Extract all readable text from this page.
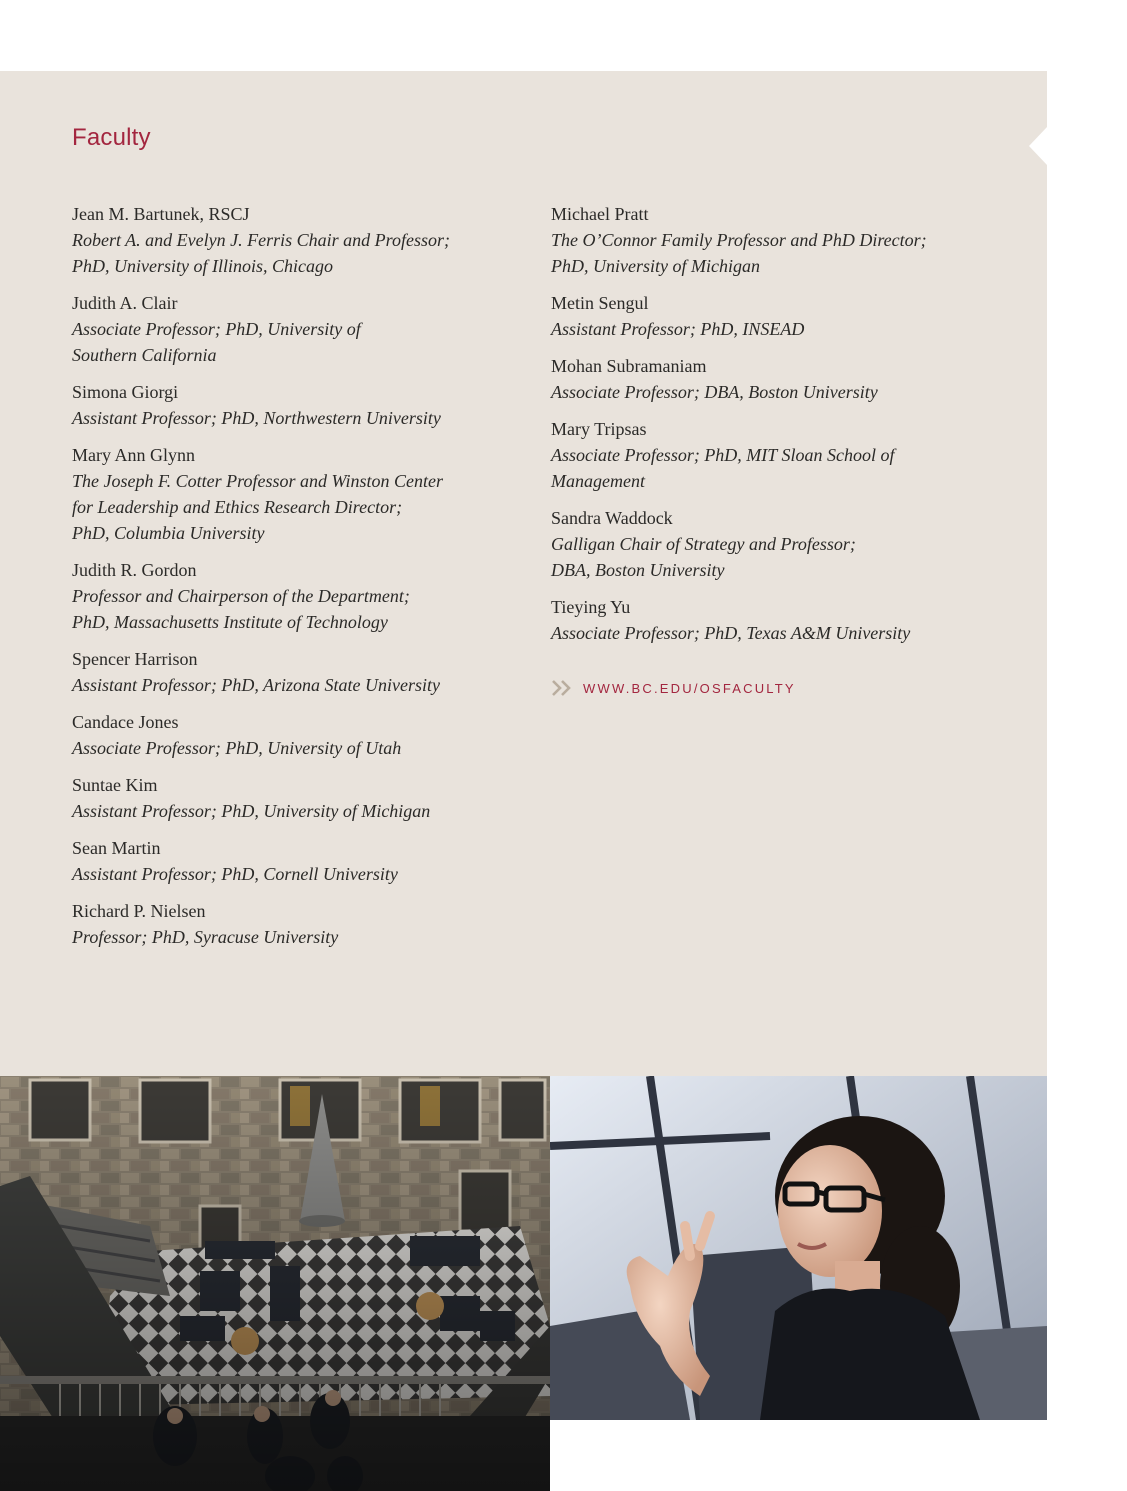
Faculty
Jean M. Bartunek, RSCJ
Robert A. and Evelyn J. Ferris Chair and Professor;
PhD, University of Illinois, Chicago
Judith A. Clair
Associate Professor; PhD, University of
Southern California
Simona Giorgi
Assistant Professor; PhD, Northwestern University
Mary Ann Glynn
The Joseph F. Cotter Professor and Winston Center
for Leadership and Ethics Research Director;
PhD, Columbia University
Judith R. Gordon
Professor and Chairperson of the Department;
PhD, Massachusetts Institute of Technology
Spencer Harrison
Assistant Professor; PhD, Arizona State University
Candace Jones
Associate Professor; PhD, University of Utah
Suntae Kim
Assistant Professor; PhD, University of Michigan
Sean Martin
Assistant Professor; PhD, Cornell University
Richard P. Nielsen
Professor; PhD, Syracuse University
Michael Pratt
The O’Connor Family Professor and PhD Director;
PhD, University of Michigan
Metin Sengul
Assistant Professor; PhD, INSEAD
Mohan Subramaniam
Associate Professor; DBA, Boston University
Mary Tripsas
Associate Professor; PhD, MIT Sloan School of
Management
Sandra Waddock
Galligan Chair of Strategy and Professor;
DBA, Boston University
Tieying Yu
Associate Professor; PhD, Texas A&M University
WWW.BC.EDU/OSFACULTY
